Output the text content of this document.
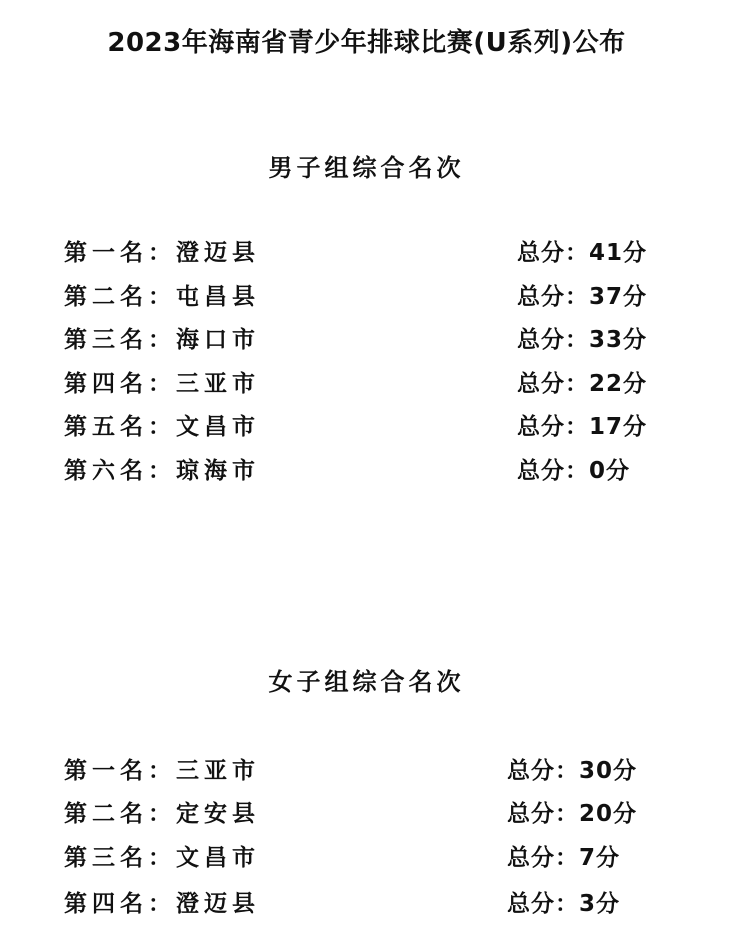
2023年海南省青少年排球比赛(U系列)公布
男子组综合名次
第一名：澄迈县	总分：41分
第二名：屯昌县	总分：37分
第三名：海口市	总分：33分
第四名：三亚市	总分：22分
第五名：文昌市	总分：17分
第六名：琼海市	总分：0分
女子组综合名次
第一名：三亚市	总分：30分
第二名：定安县	总分：20分
第三名：文昌市	总分：7分
第四名：澄迈县	总分：3分
